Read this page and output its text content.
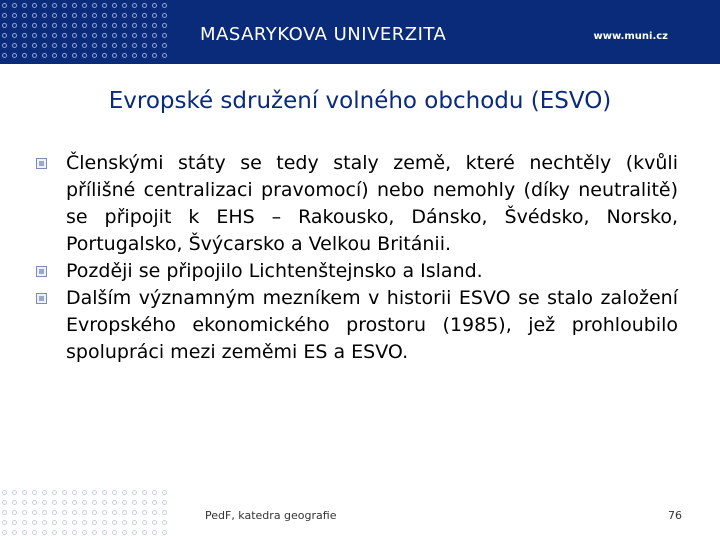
MASARYKOVA UNIVERZITA	www.muni.cz
Evropské sdružení volného obchodu (ESVO)

Členskými státy se tedy staly země, které nechtěly (kvůli přílišné centralizaci pravomocí) nebo nemohly (díky neutralitě) se připojit k EHS – Rakousko, Dánsko, Švédsko, Norsko, Portugalsko, Švýcarsko a Velkou Británii.

Později se připojilo Lichtenštejnsko a Island.

Dalším významným mezníkem v historii ESVO se stalo založení Evropského ekonomického prostoru (1985), jež prohloubilo spolupráci mezi zeměmi ES a ESVO.

PedF, katedra geografie	76
